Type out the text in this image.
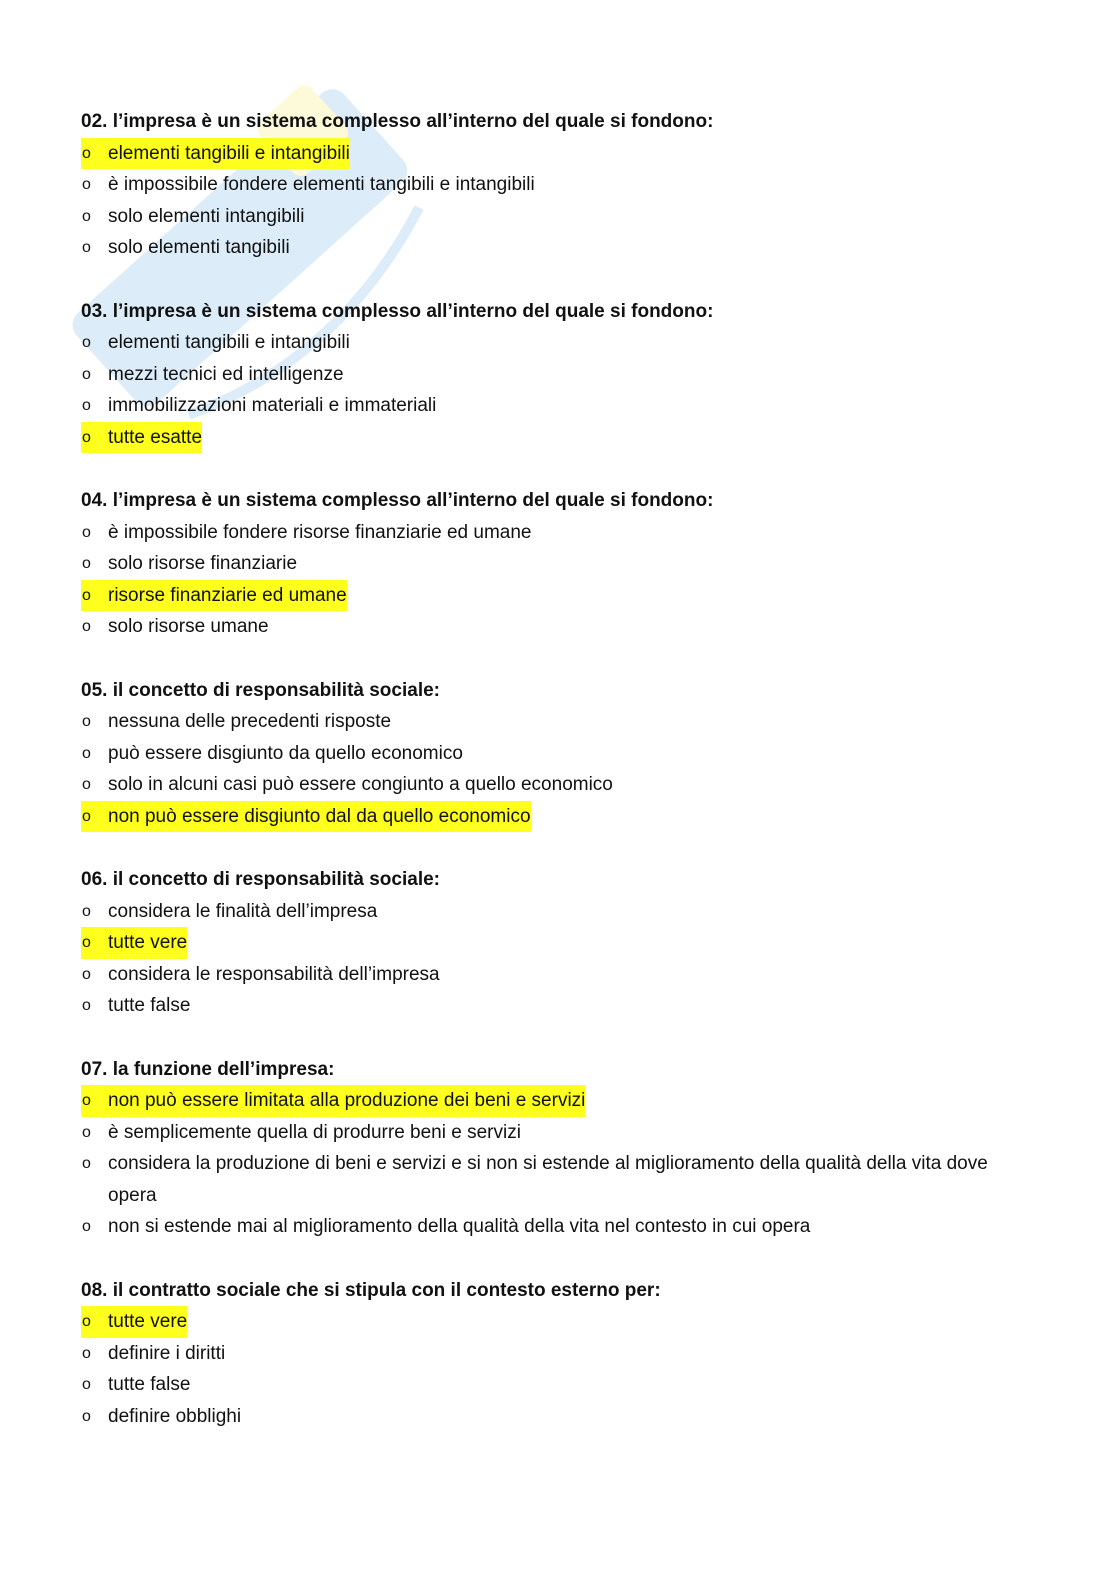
02. l’impresa è un sistema complesso all’interno del quale si fondono:

o elementi tangibili e intangibili
o è impossibile fondere elementi tangibili e intangibili
o solo elementi intangibili
o solo elementi tangibili

03. l’impresa è un sistema complesso all’interno del quale si fondono:

o elementi tangibili e intangibili
o mezzi tecnici ed intelligenze
o immobilizzazioni materiali e immateriali
o tutte esatte

04. l’impresa è un sistema complesso all’interno del quale si fondono:

o è impossibile fondere risorse finanziarie ed umane
o solo risorse finanziarie
o risorse finanziarie ed umane
o solo risorse umane

05. il concetto di responsabilità sociale:

o nessuna delle precedenti risposte
o può essere disgiunto da quello economico
o solo in alcuni casi può essere congiunto a quello economico
o non può essere disgiunto dal da quello economico

06. il concetto di responsabilità sociale:

o considera le finalità dell’impresa
o tutte vere
o considera le responsabilità dell’impresa
o tutte false

07. la funzione dell’impresa:

o non può essere limitata alla produzione dei beni e servizi
o è semplicemente quella di produrre beni e servizi
o considera la produzione di beni e servizi e si non si estende al miglioramento della qualità della vita dove opera
o non si estende mai al miglioramento della qualità della vita nel contesto in cui opera

08. il contratto sociale che si stipula con il contesto esterno per:

o tutte vere
o definire i diritti
o tutte false
o definire obblighi
